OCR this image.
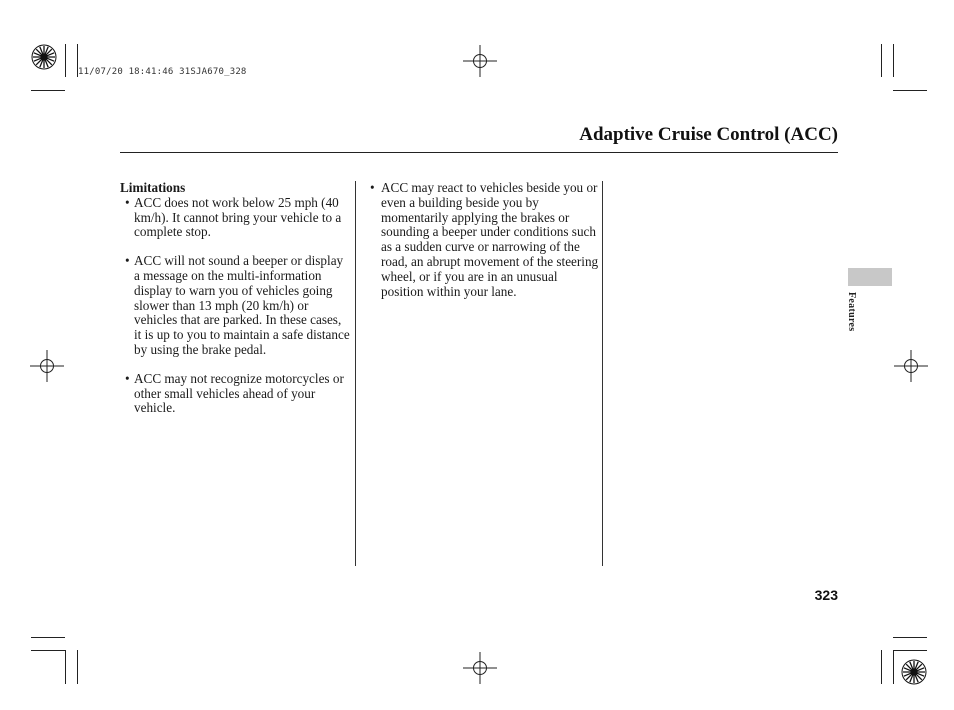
11/07/20 18:41:46 31SJA670_328
Adaptive Cruise Control (ACC)
Limitations
• ACC does not work below 25 mph (40 km/h). It cannot bring your vehicle to a complete stop.
• ACC will not sound a beeper or display a message on the multi-information display to warn you of vehicles going slower than 13 mph (20 km/h) or vehicles that are parked. In these cases, it is up to you to maintain a safe distance by using the brake pedal.
• ACC may not recognize motorcycles or other small vehicles ahead of your vehicle.
• ACC may react to vehicles beside you or even a building beside you by momentarily applying the brakes or sounding a beeper under conditions such as a sudden curve or narrowing of the road, an abrupt movement of the steering wheel, or if you are in an unusual position within your lane.
Features
323
